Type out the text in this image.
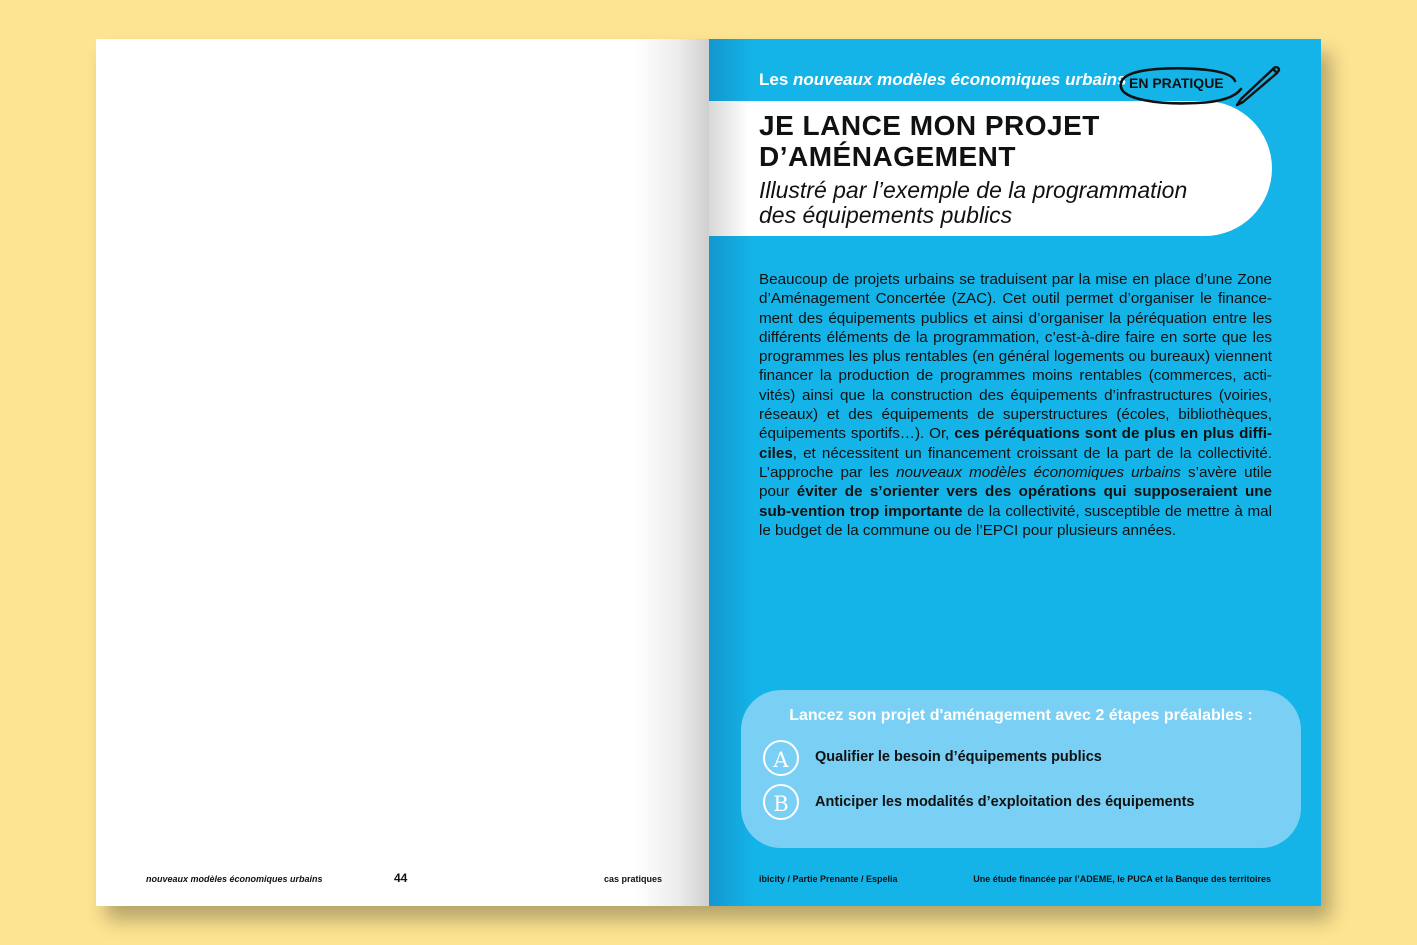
nouveaux modèles économiques urbains	44	cas pratiques
Les nouveaux modèles économiques urbains
JE LANCE MON PROJET
D’AMÉNAGEMENT
Illustré par l’exemple de la programmation
des équipements publics
EN PRATIQUE
Beaucoup de projets urbains se traduisent par la mise en place d’une Zone d’Aménagement Concertée (ZAC). Cet outil permet d’organiser le finance-ment des équipements publics et ainsi d’organiser la péréquation entre les différents éléments de la programmation, c’est-à-dire faire en sorte que les programmes les plus rentables (en général logements ou bureaux) viennent financer la production de programmes moins rentables (commerces, acti-vités) ainsi que la construction des équipements d’infrastructures (voiries, réseaux) et des équipements de superstructures (écoles, bibliothèques, équipements sportifs…). Or, ces péréquations sont de plus en plus diffi-ciles, et nécessitent un financement croissant de la part de la collectivité. L’approche par les nouveaux modèles économiques urbains s’avère utile pour éviter de s’orienter vers des opérations qui supposeraient une sub-vention trop importante de la collectivité, susceptible de mettre à mal le budget de la commune ou de l’EPCI pour plusieurs années.
Lancez son projet d'aménagement avec 2 étapes préalables :
A	Qualifier le besoin d’équipements publics
B	Anticiper les modalités d’exploitation des équipements
ibicity / Partie Prenante / Espelia	Une étude financée par l’ADEME, le PUCA et la Banque des territoires
